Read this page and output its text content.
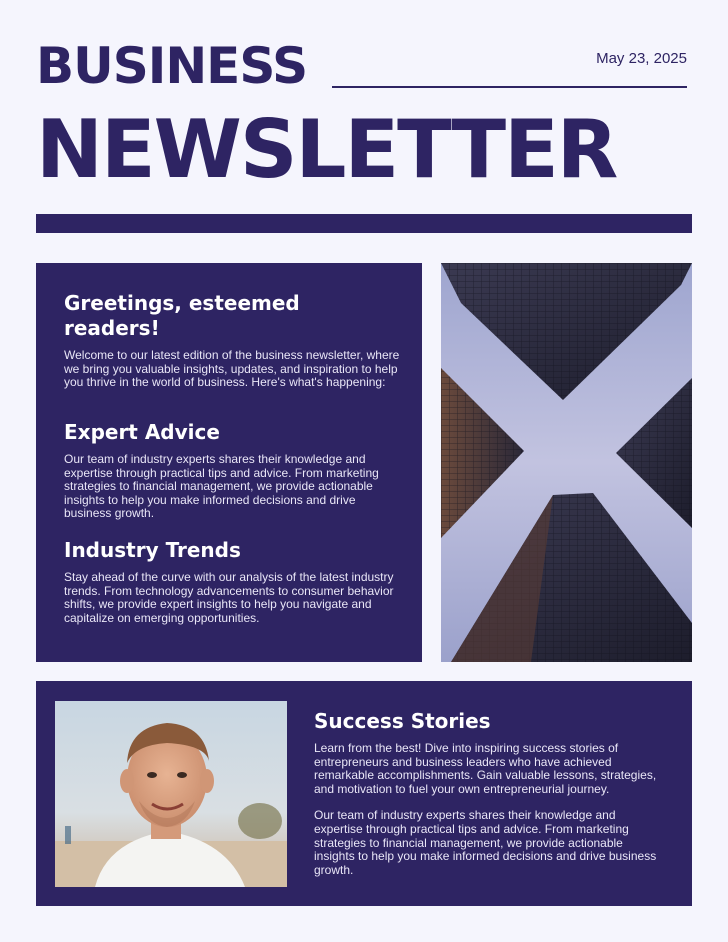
BUSINESS	May 23, 2025
NEWSLETTER
Greetings, esteemed
readers!

Welcome to our latest edition of the business newsletter, where we bring you valuable insights, updates, and inspiration to help you thrive in the world of business. Here's what's happening:

Expert Advice

Our team of industry experts shares their knowledge and expertise through practical tips and advice. From marketing strategies to financial management, we provide actionable insights to help you make informed decisions and drive business growth.

Industry Trends

Stay ahead of the curve with our analysis of the latest industry trends. From technology advancements to consumer behavior shifts, we provide expert insights to help you navigate and capitalize on emerging opportunities.

Success Stories

Learn from the best! Dive into inspiring success stories of entrepreneurs and business leaders who have achieved remarkable accomplishments. Gain valuable lessons, strategies, and motivation to fuel your own entrepreneurial journey.

Our team of industry experts shares their knowledge and expertise through practical tips and advice. From marketing strategies to financial management, we provide actionable insights to help you make informed decisions and drive business growth.
